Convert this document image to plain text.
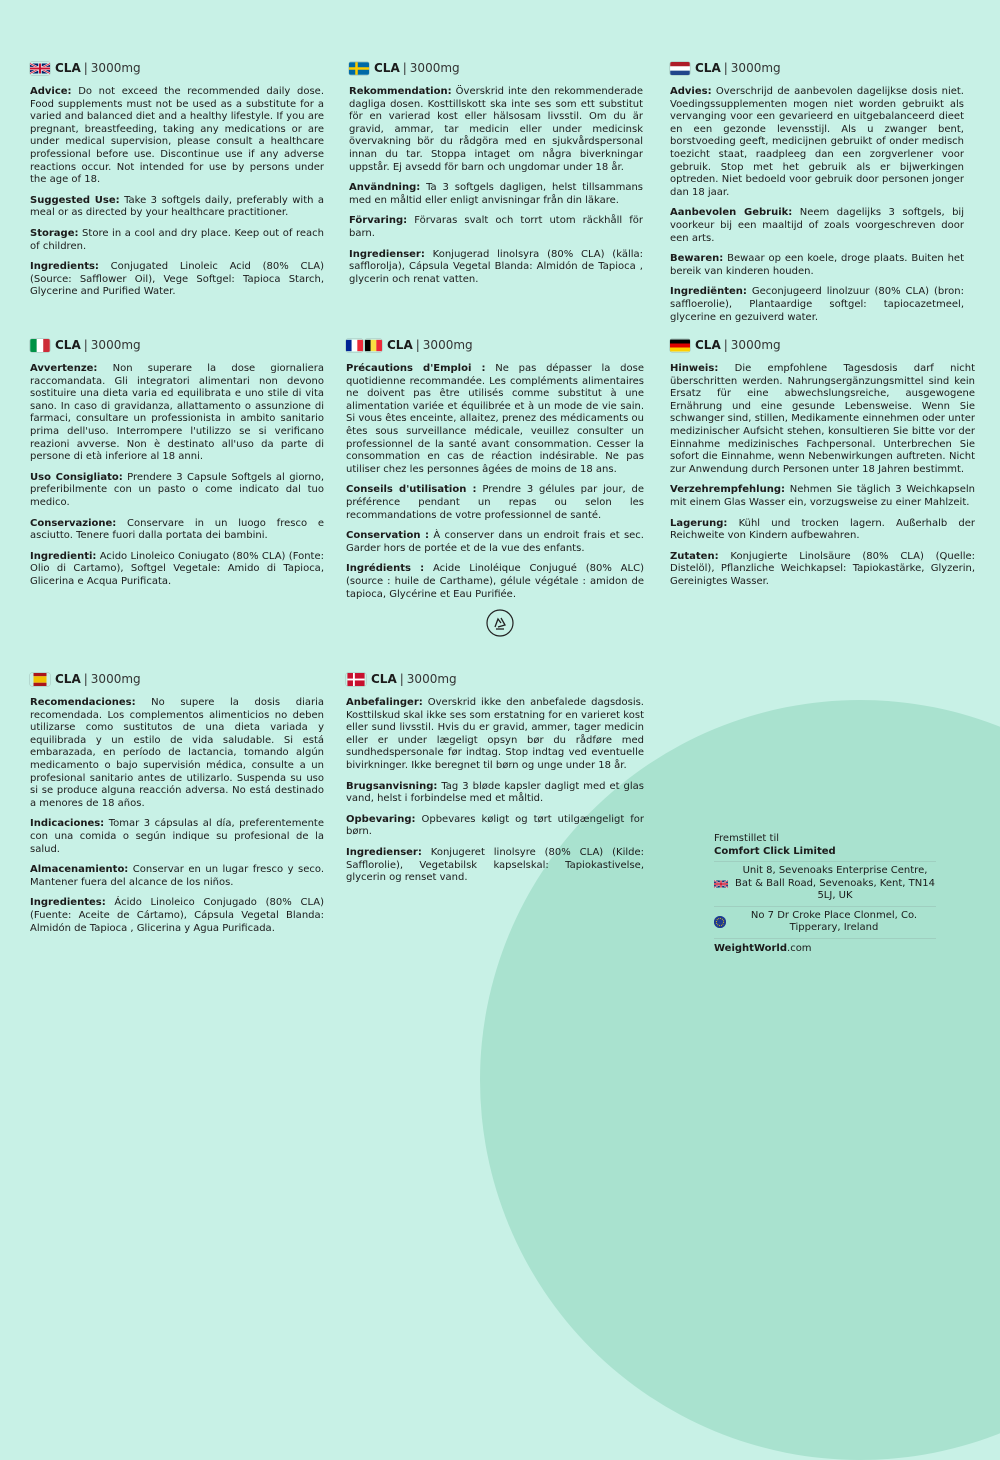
CLA | 3000mg

Advice: Do not exceed the recommended daily dose. Food supplements must not be used as a substitute for a varied and balanced diet and a healthy lifestyle. If you are pregnant, breastfeeding, taking any medications or are under medical supervision, please consult a healthcare professional before use. Discontinue use if any adverse reactions occur. Not intended for use by persons under the age of 18.

Suggested Use: Take 3 softgels daily, preferably with a meal or as directed by your healthcare practitioner.

Storage: Store in a cool and dry place. Keep out of reach of children.

Ingredients: Conjugated Linoleic Acid (80% CLA) (Source: Safflower Oil), Vege Softgel: Tapioca Starch, Glycerine and Purified Water.

CLA | 3000mg

Rekommendation: Överskrid inte den rekommenderade dagliga dosen. Kosttillskott ska inte ses som ett substitut för en varierad kost eller hälsosam livsstil. Om du är gravid, ammar, tar medicin eller under medicinsk övervakning bör du rådgöra med en sjukvårdspersonal innan du tar. Stoppa intaget om några biverkningar uppstår. Ej avsedd för barn och ungdomar under 18 år.

Användning: Ta 3 softgels dagligen, helst tillsammans med en måltid eller enligt anvisningar från din läkare.

Förvaring: Förvaras svalt och torrt utom räckhåll för barn.

Ingredienser: Konjugerad linolsyra (80% CLA) (källa: safflorolja), Cápsula Vegetal Blanda: Almidón de Tapioca , glycerin och renat vatten.

CLA | 3000mg

Advies: Overschrijd de aanbevolen dagelijkse dosis niet. Voedingssupplementen mogen niet worden gebruikt als vervanging voor een gevarieerd en uitgebalanceerd dieet en een gezonde levensstijl. Als u zwanger bent, borstvoeding geeft, medicijnen gebruikt of onder medisch toezicht staat, raadpleeg dan een zorgverlener voor gebruik. Stop met het gebruik als er bijwerkingen optreden. Niet bedoeld voor gebruik door personen jonger dan 18 jaar.

Aanbevolen Gebruik: Neem dagelijks 3 softgels, bij voorkeur bij een maaltijd of zoals voorgeschreven door een arts.

Bewaren: Bewaar op een koele, droge plaats. Buiten het bereik van kinderen houden.

Ingrediënten: Geconjugeerd linolzuur (80% CLA) (bron: saffloerolie), Plantaardige softgel: tapiocazetmeel, glycerine en gezuiverd water.

CLA | 3000mg

Avvertenze: Non superare la dose giornaliera raccomandata. Gli integratori alimentari non devono sostituire una dieta varia ed equilibrata e uno stile di vita sano. In caso di gravidanza, allattamento o assunzione di farmaci, consultare un professionista in ambito sanitario prima dell'uso. Interrompere l'utilizzo se si verificano reazioni avverse. Non è destinato all'uso da parte di persone di età inferiore al 18 anni.

Uso Consigliato: Prendere 3 Capsule Softgels al giorno, preferibilmente con un pasto o come indicato dal tuo medico.

Conservazione: Conservare in un luogo fresco e asciutto. Tenere fuori dalla portata dei bambini.

Ingredienti: Acido Linoleico Coniugato (80% CLA) (Fonte: Olio di Cartamo), Softgel Vegetale: Amido di Tapioca, Glicerina e Acqua Purificata.

CLA | 3000mg

Précautions d'Emploi : Ne pas dépasser la dose quotidienne recommandée. Les compléments alimentaires ne doivent pas être utilisés comme substitut à une alimentation variée et équilibrée et à un mode de vie sain. Si vous êtes enceinte, allaitez, prenez des médicaments ou êtes sous surveillance médicale, veuillez consulter un professionnel de la santé avant consommation. Cesser la consommation en cas de réaction indésirable. Ne pas utiliser chez les personnes âgées de moins de 18 ans.

Conseils d'utilisation : Prendre 3 gélules par jour, de préférence pendant un repas ou selon les recommandations de votre professionnel de santé.

Conservation : À conserver dans un endroit frais et sec. Garder hors de portée et de la vue des enfants.

Ingrédients : Acide Linoléique Conjugué (80% ALC) (source : huile de Carthame), gélule végétale : amidon de tapioca, Glycérine et Eau Purifiée.

CLA | 3000mg

Hinweis: Die empfohlene Tagesdosis darf nicht überschritten werden. Nahrungsergänzungsmittel sind kein Ersatz für eine abwechslungsreiche, ausgewogene Ernährung und eine gesunde Lebensweise. Wenn Sie schwanger sind, stillen, Medikamente einnehmen oder unter medizinischer Aufsicht stehen, konsultieren Sie bitte vor der Einnahme medizinisches Fachpersonal. Unterbrechen Sie sofort die Einnahme, wenn Nebenwirkungen auftreten. Nicht zur Anwendung durch Personen unter 18 Jahren bestimmt.

Verzehrempfehlung: Nehmen Sie täglich 3 Weichkapseln mit einem Glas Wasser ein, vorzugsweise zu einer Mahlzeit.

Lagerung: Kühl und trocken lagern. Außerhalb der Reichweite von Kindern aufbewahren.

Zutaten: Konjugierte Linolsäure (80% CLA) (Quelle: Distelöl), Pflanzliche Weichkapsel: Tapiokastärke, Glyzerin, Gereinigtes Wasser.

CLA | 3000mg

Recomendaciones: No supere la dosis diaria recomendada. Los complementos alimenticios no deben utilizarse como sustitutos de una dieta variada y equilibrada y un estilo de vida saludable. Si está embarazada, en período de lactancia, tomando algún medicamento o bajo supervisión médica, consulte a un profesional sanitario antes de utilizarlo. Suspenda su uso si se produce alguna reacción adversa. No está destinado a menores de 18 años.

Indicaciones: Tomar 3 cápsulas al día, preferentemente con una comida o según indique su profesional de la salud.

Almacenamiento: Conservar en un lugar fresco y seco. Mantener fuera del alcance de los niños.

Ingredientes: Ácido Linoleico Conjugado (80% CLA) (Fuente: Aceite de Cártamo), Cápsula Vegetal Blanda: Almidón de Tapioca , Glicerina y Agua Purificada.

CLA | 3000mg

Anbefalinger: Overskrid ikke den anbefalede dagsdosis. Kosttilskud skal ikke ses som erstatning for en varieret kost eller sund livsstil. Hvis du er gravid, ammer, tager medicin eller er under lægeligt opsyn bør du rådføre med sundhedspersonale før indtag. Stop indtag ved eventuelle bivirkninger. Ikke beregnet til børn og unge under 18 år.

Brugsanvisning: Tag 3 bløde kapsler dagligt med et glas vand, helst i forbindelse med et måltid.

Opbevaring: Opbevares køligt og tørt utilgængeligt for børn.

Ingredienser: Konjugeret linolsyre (80% CLA) (Kilde: Safflorolie), Vegetabilsk kapselskal: Tapiokastivelse, glycerin og renset vand.

Fremstillet til
Comfort Click Limited
Unit 8, Sevenoaks Enterprise Centre, Bat & Ball Road, Sevenoaks, Kent, TN14 5LJ, UK
No 7 Dr Croke Place Clonmel, Co. Tipperary, Ireland
WeightWorld.com
